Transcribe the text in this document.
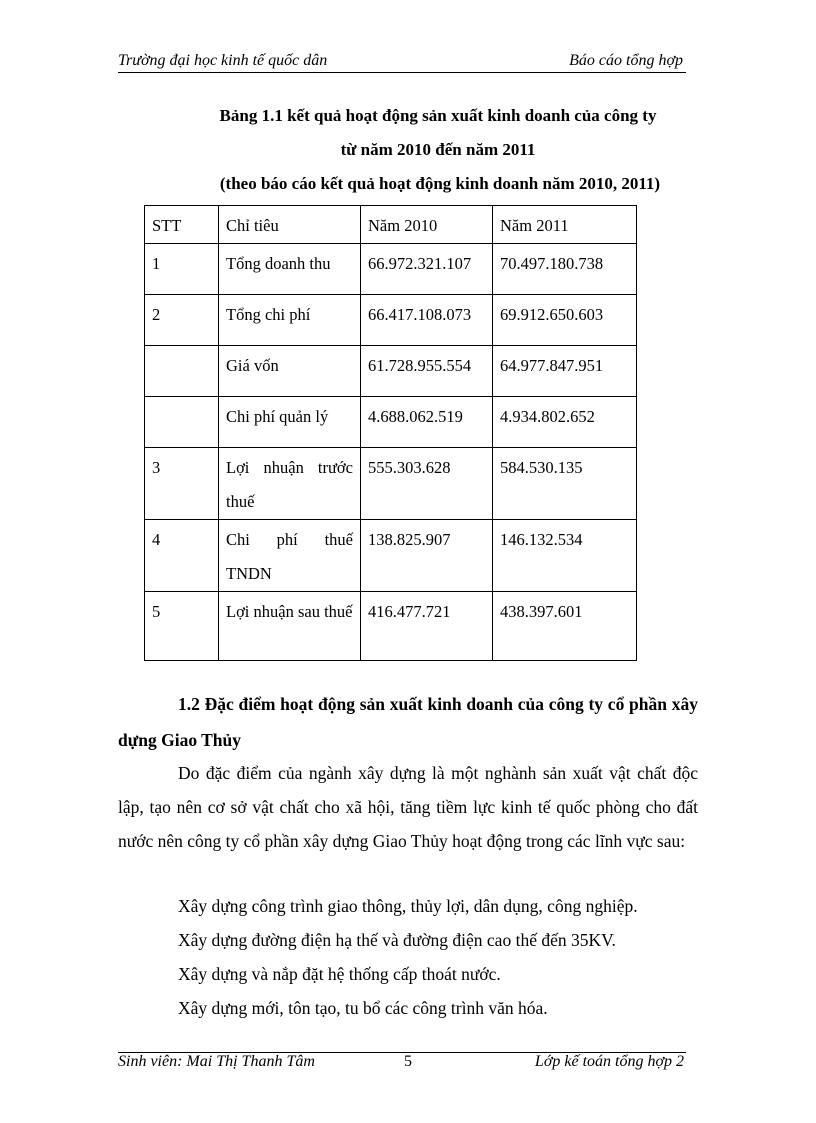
Trường đại học kinh tế quốc dân	Báo cáo tổng hợp
Bảng 1.1 kết quả hoạt động sản xuất kinh doanh của công ty
từ năm 2010 đến năm 2011
(theo báo cáo kết quả hoạt động kinh doanh năm 2010, 2011)
STT	Chỉ tiêu	Năm 2010	Năm 2011
1	Tổng doanh thu	66.972.321.107	70.497.180.738
2	Tổng chi phí	66.417.108.073	69.912.650.603
	Giá vốn	61.728.955.554	64.977.847.951
	Chi phí quản lý	4.688.062.519	4.934.802.652
3	Lợi nhuận trước thuế	555.303.628	584.530.135
4	Chi phí thuế TNDN	138.825.907	146.132.534
5	Lợi nhuận sau thuế	416.477.721	438.397.601
1.2 Đặc điểm hoạt động sản xuất kinh doanh của công ty cổ phần xây dựng Giao Thủy
Do đặc điểm của ngành xây dựng là một nghành sản xuất vật chất độc lập, tạo nên cơ sở vật chất cho xã hội, tăng tiềm lực kinh tế quốc phòng cho đất nước nên công ty cổ phần xây dựng Giao Thủy hoạt động trong các lĩnh vực sau:
Xây dựng công trình giao thông, thủy lợi, dân dụng, công nghiệp.
Xây dựng đường điện hạ thế và đường điện cao thế đến 35KV.
Xây dựng và nắp đặt hệ thống cấp thoát nước.
Xây dựng mới, tôn tạo, tu bổ các công trình văn hóa.
Sinh viên: Mai Thị Thanh Tâm	5	Lớp kế toán tổng hợp 2
